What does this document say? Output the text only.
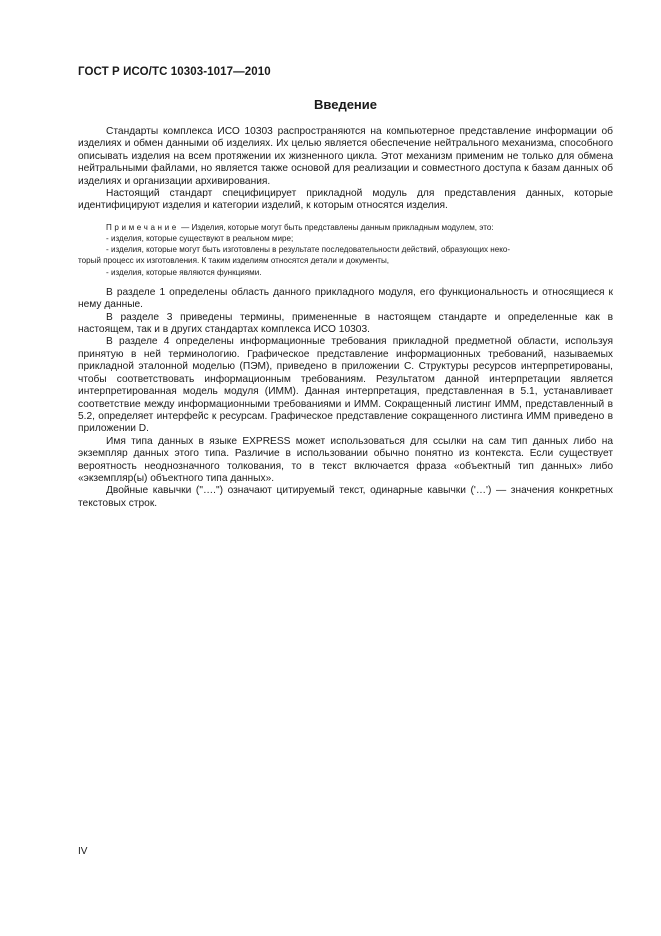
ГОСТ Р ИСО/ТС 10303-1017—2010
Введение

Стандарты комплекса ИСО 10303 распространяются на компьютерное представление информации об изделиях и обмен данными об изделиях. Их целью является обеспечение нейтрального механизма, способного описывать изделия на всем протяжении их жизненного цикла. Этот механизм применим не только для обмена нейтральными файлами, но является также основой для реализации и совместного доступа к базам данных об изделиях и организации архивирования.

Настоящий стандарт специфицирует прикладной модуль для представления данных, которые идентифицируют изделия и категории изделий, к которым относятся изделия.

Примечание — Изделия, которые могут быть представлены данным прикладным модулем, это:
- изделия, которые существуют в реальном мире;
- изделия, которые могут быть изготовлены в результате последовательности действий, образующих неко-
торый процесс их изготовления. К таким изделиям относятся детали и документы,
- изделия, которые являются функциями.

В разделе 1 определены область данного прикладного модуля, его функциональность и относящиеся к нему данные.

В разделе 3 приведены термины, примененные в настоящем стандарте и определенные как в настоящем, так и в других стандартах комплекса ИСО 10303.

В разделе 4 определены информационные требования прикладной предметной области, используя принятую в ней терминологию. Графическое представление информационных требований, называемых прикладной эталонной моделью (ПЭМ), приведено в приложении С. Структуры ресурсов интерпретированы, чтобы соответствовать информационным требованиям. Результатом данной интерпретации является интерпретированная модель модуля (ИММ). Данная интерпретация, представленная в 5.1, устанавливает соответствие между информационными требованиями и ИММ. Сокращенный листинг ИММ, представленный в 5.2, определяет интерфейс к ресурсам. Графическое представление сокращенного листинга ИММ приведено в приложении D.

Имя типа данных в языке EXPRESS может использоваться для ссылки на сам тип данных либо на экземпляр данных этого типа. Различие в использовании обычно понятно из контекста. Если существует вероятность неоднозначного толкования, то в текст включается фраза «объектный тип данных» либо «экземпляр(ы) объектного типа данных».

Двойные кавычки ("….") означают цитируемый текст, одинарные кавычки ('…') — значения конкретных текстовых строк.

IV
